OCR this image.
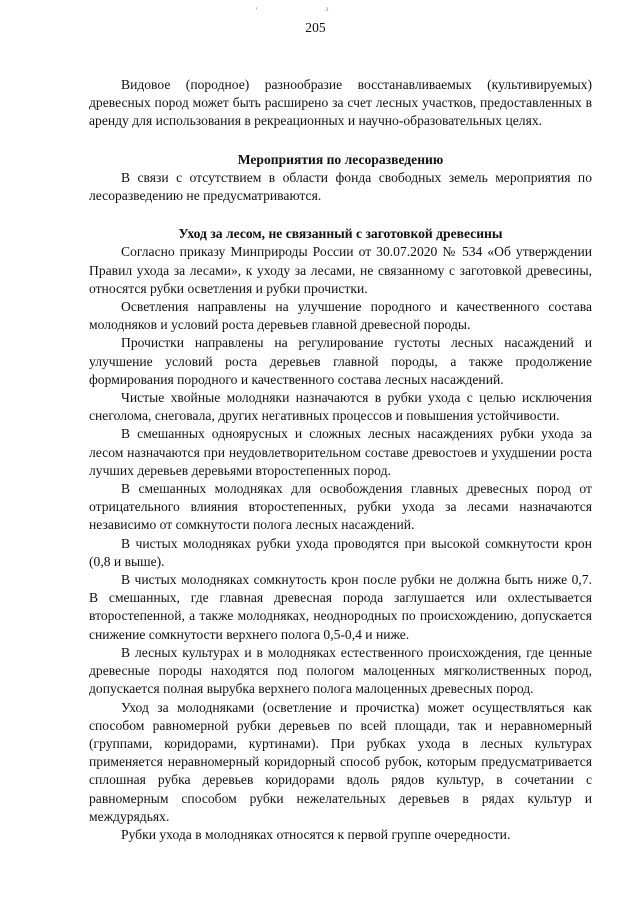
'	²
205

Видовое (породное) разнообразие восстанавливаемых (культивируемых) древесных пород может быть расширено за счет лесных участков, предоставленных в аренду для использования в рекреационных и научно-образовательных целях.

Мероприятия по лесоразведению

В связи с отсутствием в области фонда свободных земель мероприятия по лесоразведению не предусматриваются.

Уход за лесом, не связанный с заготовкой древесины

Согласно приказу Минприроды России от 30.07.2020 № 534 «Об утверждении Правил ухода за лесами», к уходу за лесами, не связанному с заготовкой древесины, относятся рубки осветления и рубки прочистки.

Осветления направлены на улучшение породного и качественного состава молодняков и условий роста деревьев главной древесной породы.

Прочистки направлены на регулирование густоты лесных насаждений и улучшение условий роста деревьев главной породы, а также продолжение формирования породного и качественного состава лесных насаждений.

Чистые хвойные молодняки назначаются в рубки ухода с целью исключения снеголома, снеговала, других негативных процессов и повышения устойчивости.

В смешанных одноярусных и сложных лесных насаждениях рубки ухода за лесом назначаются при неудовлетворительном составе древостоев и ухудшении роста лучших деревьев деревьями второстепенных пород.

В смешанных молодняках для освобождения главных древесных пород от отрицательного влияния второстепенных, рубки ухода за лесами назначаются независимо от сомкнутости полога лесных насаждений.

В чистых молодняках рубки ухода проводятся при высокой сомкнутости крон (0,8 и выше).

В чистых молодняках сомкнутость крон после рубки не должна быть ниже 0,7. В смешанных, где главная древесная порода заглушается или охлестывается второстепенной, а также молодняках, неоднородных по происхождению, допускается снижение сомкнутости верхнего полога 0,5-0,4 и ниже.

В лесных культурах и в молодняках естественного происхождения, где ценные древесные породы находятся под пологом малоценных мягколиственных пород, допускается полная вырубка верхнего полога малоценных древесных пород.

Уход за молодняками (осветление и прочистка) может осуществляться как способом равномерной рубки деревьев по всей площади, так и неравномерный (группами, коридорами, куртинами). При рубках ухода в лесных культурах применяется неравномерный коридорный способ рубок, которым предусматривается сплошная рубка деревьев коридорами вдоль рядов культур, в сочетании с равномерным способом рубки нежелательных деревьев в рядах культур и междурядьях.

Рубки ухода в молодняках относятся к первой группе очередности.
